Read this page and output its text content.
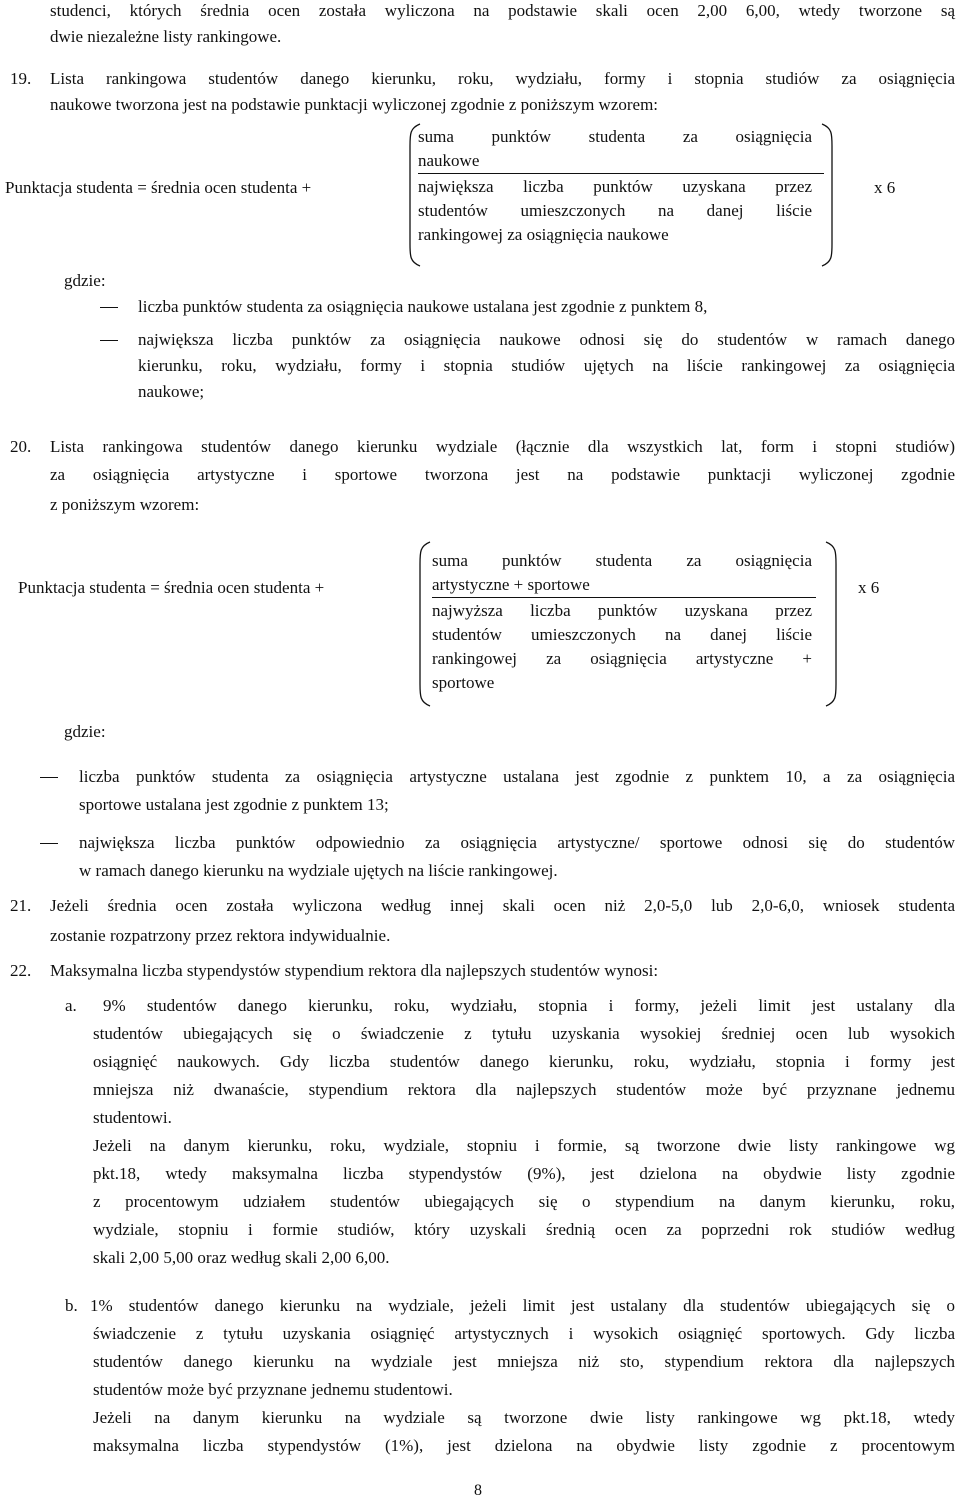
studenci, których średnia ocen została wyliczona na podstawie skali ocen 2,00 6,00, wtedy tworzone są
dwie niezależne listy rankingowe.
19. Lista rankingowa studentów danego kierunku, roku, wydziału, formy i stopnia studiów za osiągnięcia
naukowe tworzona jest na podstawie punktacji wyliczonej zgodnie z poniższym wzorem:
Punktacja studenta = średnia ocen studenta +
suma punktów studenta za osiągnięcia
naukowe
największa liczba punktów uzyskana przez
studentów umieszczonych na danej liście
rankingowej za osiągnięcia naukowe
x 6
gdzie:
liczba punktów studenta za osiągnięcia naukowe ustalana jest zgodnie z punktem 8,
największa liczba punktów za osiągnięcia naukowe odnosi się do studentów w ramach danego
kierunku, roku, wydziału, formy i stopnia studiów ujętych na liście rankingowej za osiągnięcia
naukowe;
20. Lista rankingowa studentów danego kierunku wydziale (łącznie dla wszystkich lat, form i stopni studiów)
za osiągnięcia artystyczne i sportowe tworzona jest na podstawie punktacji wyliczonej zgodnie
z poniższym wzorem:
Punktacja studenta = średnia ocen studenta +
suma punktów studenta za osiągnięcia
artystyczne + sportowe
najwyższa liczba punktów uzyskana przez
studentów umieszczonych na danej liście
rankingowej za osiągnięcia artystyczne +
sportowe
x 6
gdzie:
liczba punktów studenta za osiągnięcia artystyczne ustalana jest zgodnie z punktem 10, a za osiągnięcia
sportowe ustalana jest zgodnie z punktem 13;
największa liczba punktów odpowiednio za osiągnięcia artystyczne/ sportowe odnosi się do studentów
w ramach danego kierunku na wydziale ujętych na liście rankingowej.
21. Jeżeli średnia ocen została wyliczona według innej skali ocen niż 2,0-5,0 lub 2,0-6,0, wniosek studenta
zostanie rozpatrzony przez rektora indywidualnie.
22. Maksymalna liczba stypendystów stypendium rektora dla najlepszych studentów wynosi:
a. 9% studentów danego kierunku, roku, wydziału, stopnia i formy, jeżeli limit jest ustalany dla
studentów ubiegających się o świadczenie z tytułu uzyskania wysokiej średniej ocen lub wysokich
osiągnięć naukowych. Gdy liczba studentów danego kierunku, roku, wydziału, stopnia i formy jest
mniejsza niż dwanaście, stypendium rektora dla najlepszych studentów może być przyznane jednemu
studentowi.
Jeżeli na danym kierunku, roku, wydziale, stopniu i formie, są tworzone dwie listy rankingowe wg
pkt.18, wtedy maksymalna liczba stypendystów (9%), jest dzielona na obydwie listy zgodnie
z procentowym udziałem studentów ubiegających się o stypendium na danym kierunku, roku,
wydziale, stopniu i formie studiów, który uzyskali średnią ocen za poprzedni rok studiów według
skali 2,00 5,00 oraz według skali 2,00 6,00.
b. 1% studentów danego kierunku na wydziale, jeżeli limit jest ustalany dla studentów ubiegających się o
świadczenie z tytułu uzyskania osiągnięć artystycznych i wysokich osiągnięć sportowych. Gdy liczba
studentów danego kierunku na wydziale jest mniejsza niż sto, stypendium rektora dla najlepszych
studentów może być przyznane jednemu studentowi.
Jeżeli na danym kierunku na wydziale są tworzone dwie listy rankingowe wg pkt.18, wtedy
maksymalna liczba stypendystów (1%), jest dzielona na obydwie listy zgodnie z procentowym
8
